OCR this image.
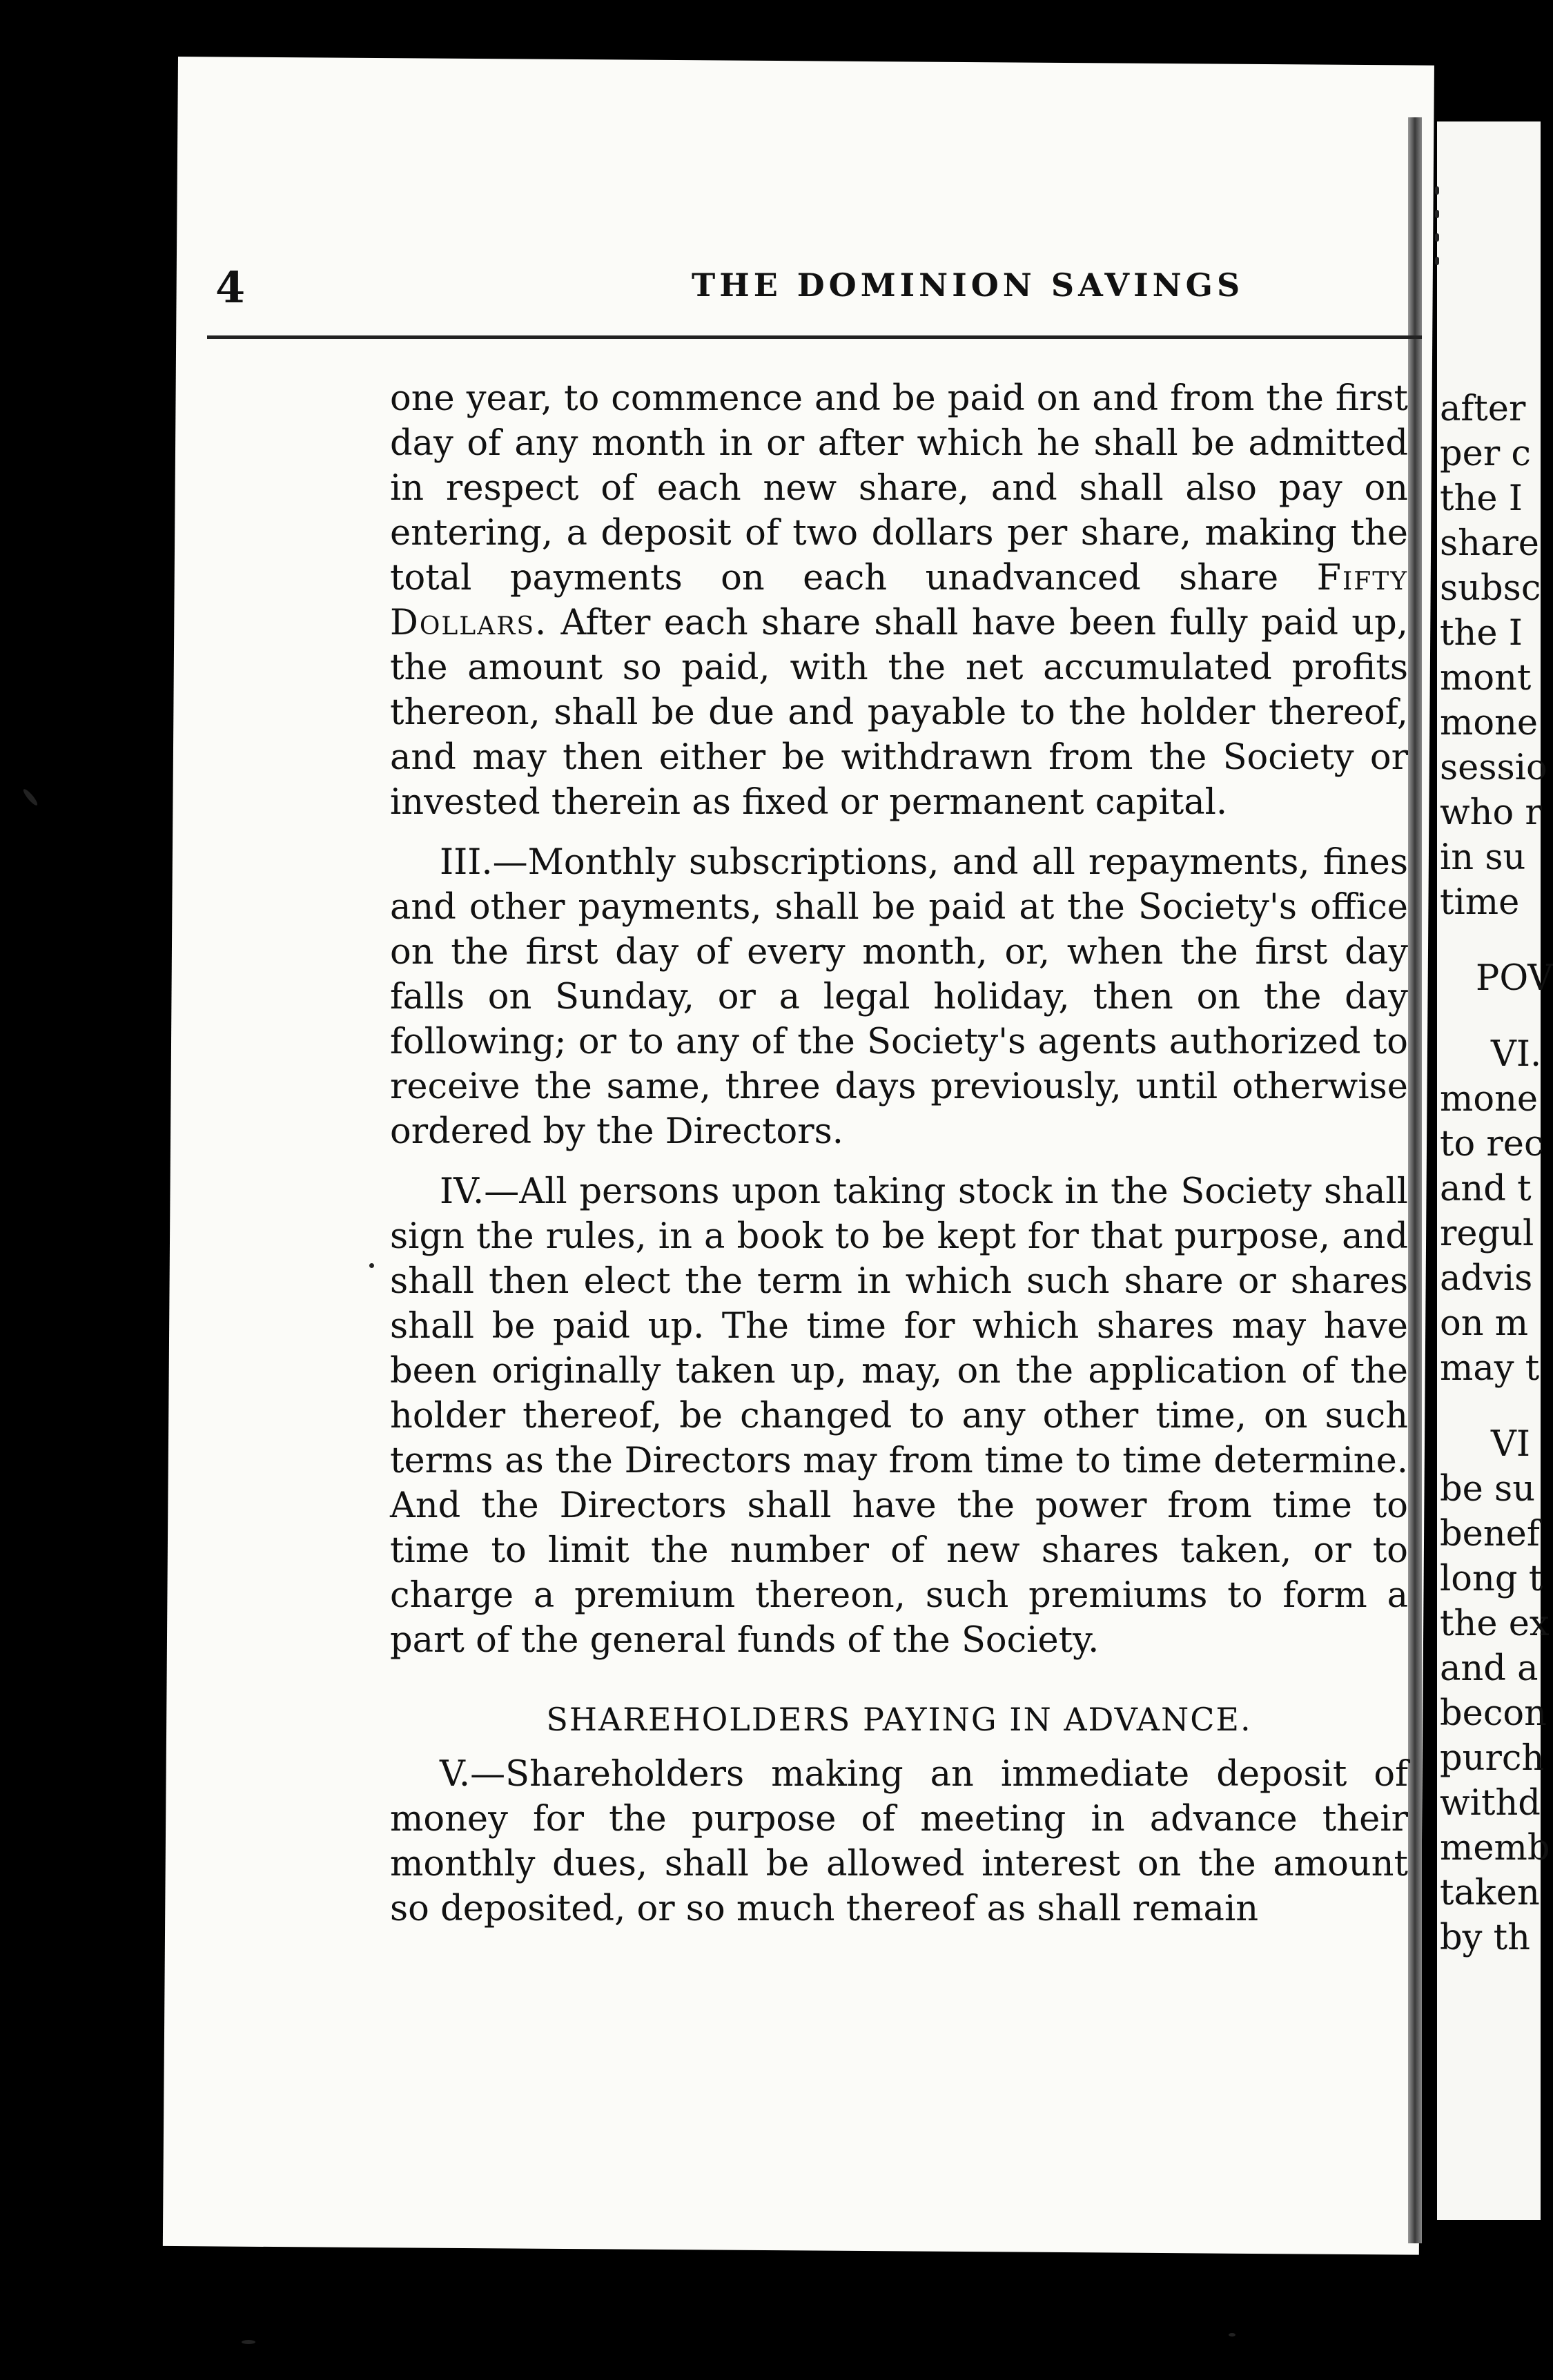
4	THE DOMINION SAVINGS

one year, to commence and be paid on and from the first day of any month in or after which he shall be admitted in respect of each new share, and shall also pay on entering, a deposit of two dollars per share, making the total payments on each unadvanced share Fifty Dollars. After each share shall have been fully paid up, the amount so paid, with the net accumulated profits thereon, shall be due and payable to the holder thereof, and may then either be withdrawn from the Society or invested therein as fixed or permanent capital.

III.—Monthly subscriptions, and all repayments, fines and other payments, shall be paid at the Society's office on the first day of every month, or, when the first day falls on Sunday, or a legal holiday, then on the day following; or to any of the Society's agents authorized to receive the same, three days previously, until otherwise ordered by the Directors.

IV.—All persons upon taking stock in the Society shall sign the rules, in a book to be kept for that purpose, and shall then elect the term in which such share or shares shall be paid up. The time for which shares may have been originally taken up, may, on the application of the holder thereof, be changed to any other time, on such terms as the Directors may from time to time determine. And the Directors shall have the power from time to time to limit the number of new shares taken, or to charge a premium thereon, such premiums to form a part of the general funds of the Society.

SHAREHOLDERS PAYING IN ADVANCE.

V.—Shareholders making an immediate deposit of money for the purpose of meeting in advance their monthly dues, shall be allowed interest on the amount so deposited, or so much thereof as shall remain

after
per c
the I
share
subsc
the I
mont
mone
sessio
who r
in su
time
POV
VI.
mone
to rec
and t
regul
advis
on m
may t
VI
be su
benef
long t
the ex
and a
becon
purch
withd
memb
taken
by th
